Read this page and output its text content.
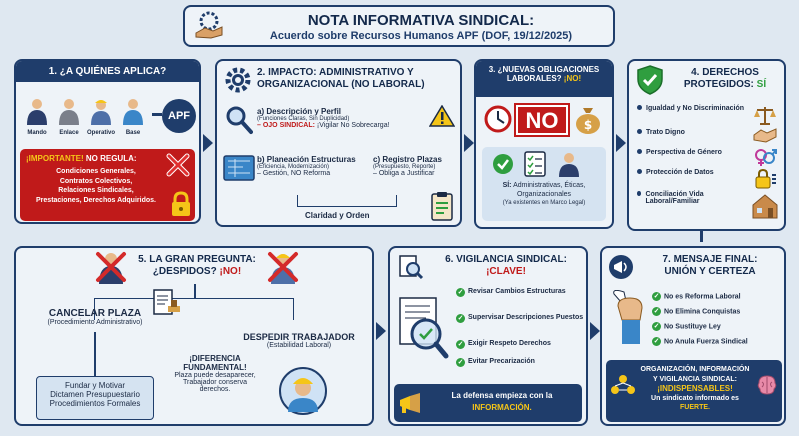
NOTA INFORMATIVA SINDICAL:
Acuerdo sobre Recursos Humanos APF (DOF, 19/12/2025)
1. ¿A QUIÉNES APLICA?
Mando	Enlace	Operativo	Base
APF
¡IMPORTANTE! NO REGULA:
Condiciones Generales,
Contratos Colectivos,
Relaciones Sindicales,
Prestaciones, Derechos Adquiridos.
2. IMPACTO: ADMINISTRATIVO Y
ORGANIZACIONAL (NO LABORAL)
a) Descripción y Perfil
(Funciones Claras, Sin Duplicidad)
– OJO SINDICAL: ¡Vigilar No Sobrecarga!
b) Planeación Estructuras
(Eficiencia, Modernización)
– Gestión, NO Reforma
c) Registro Plazas
(Presupuesto, Reporte)
– Obliga a Justificar
Claridad y Orden
3. ¿NUEVAS OBLIGACIONES
LABORALES? ¡NO!
NO	$
SÍ: Administrativas, Éticas,
Organizacionales
(Ya existentes en Marco Legal)
4. DERECHOS
PROTEGIDOS: SÍ
Igualdad y No Discriminación
Trato Digno
Perspectiva de Género
Protección de Datos
Conciliación Vida Laboral/Familiar
5. LA GRAN PREGUNTA:
¿DESPIDOS? ¡NO!
CANCELAR PLAZA
(Procedimiento Administrativo)
Fundar y Motivar
Dictamen Presupuestario
Procedimientos Formales
DESPEDIR TRABAJADOR
(Estabilidad Laboral)
¡DIFERENCIA
FUNDAMENTAL!
Plaza puede desaparecer,
Trabajador conserva
derechos.
6. VIGILANCIA SINDICAL:
¡CLAVE!
✓ Revisar Cambios Estructuras
✓ Supervisar Descripciones Puestos
✓ Exigir Respeto Derechos
✓ Evitar Precarización
La defensa empieza con la
INFORMACIÓN.
7. MENSAJE FINAL:
UNIÓN Y CERTEZA
✓ No es Reforma Laboral
✓ No Elimina Conquistas
✓ No Sustituye Ley
✓ No Anula Fuerza Sindical
ORGANIZACIÓN, INFORMACIÓN
Y VIGILANCIA SINDICAL:
¡INDISPENSABLES!
Un sindicato informado es FUERTE.
